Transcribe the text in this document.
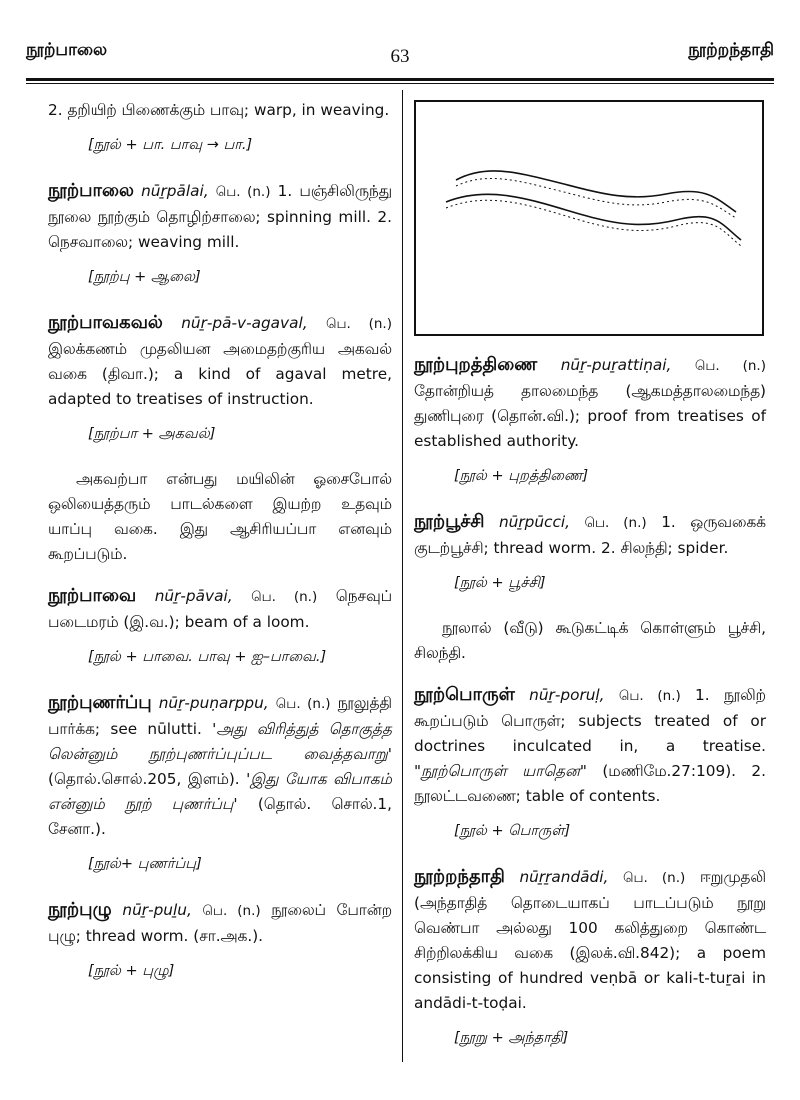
நூற்பாலை	63	நூற்றந்தாதி
2. தறியிற் பிணைக்கும் பாவு; warp, in weaving.
[நூல் + பா. பாவு → பா.]
நூற்பாலை nūṟpālai, பெ. (n.) 1. பஞ்சிலிருந்து நூலை நூற்கும் தொழிற்சாலை; spinning mill. 2. நெசவாலை; weaving mill.
[நூற்பு + ஆலை]
நூற்பாவகவல் nūṟ-pā-v-agaval, பெ. (n.) இலக்கணம் முதலியன அமைதற்குரிய அகவல் வகை (திவா.); a kind of agaval metre, adapted to treatises of instruction.
[நூற்பா + அகவல்]
அகவற்பா என்பது மயிலின் ஓசைபோல் ஒலியைத்தரும் பாடல்களை இயற்ற உதவும் யாப்பு வகை. இது ஆசிரியப்பா எனவும் கூறப்படும்.
நூற்பாவை nūṟ-pāvai, பெ. (n.) நெசவுப் படைமரம் (இ.வ.); beam of a loom.
[நூல் + பாவை. பாவு + ஐ–பாவை.]
நூற்புணர்ப்பு nūṟ-puṇarppu, பெ. (n.) நூலுத்தி பார்க்க; see nūlutti. 'அது விரித்துத் தொகுத்த லென்னும் நூற்புணர்ப்புப்பட வைத்தவாறு' (தொல்.சொல்.205, இளம்). 'இது யோக விபாகம் என்னும் நூற் புணர்ப்பு' (தொல். சொல்.1, சேனா.).
[நூல்+ புணர்ப்பு]
நூற்புழு nūṟ-puḻu, பெ. (n.) நூலைப் போன்ற புழு; thread worm. (சா.அக.).
[நூல் + புழு]
நூற்புறத்திணை nūṟ-puṟattiṇai, பெ. (n.) தோன்றியத் தாலமைந்த (ஆகமத்தாலமைந்த) துணிபுரை (தொன்.வி.); proof from treatises of established authority.
[நூல் + புறத்திணை]
நூற்பூச்சி nūṟpūcci, பெ. (n.) 1. ஒருவகைக் குடற்பூச்சி; thread worm. 2. சிலந்தி; spider.
[நூல் + பூச்சி]
நூலால் (வீடு) கூடுகட்டிக் கொள்ளும் பூச்சி, சிலந்தி.
நூற்பொருள் nūṟ-poruḷ, பெ. (n.) 1. நூலிற் கூறப்படும் பொருள்; subjects treated of or doctrines inculcated in, a treatise. "நூற்பொருள் யாதென" (மணிமே.27:109). 2. நூலட்டவணை; table of contents.
[நூல் + பொருள்]
நூற்றந்தாதி nūṟṟandādi, பெ. (n.) ஈறுமுதலி (அந்தாதித் தொடையாகப் பாடப்படும் நூறு வெண்பா அல்லது 100 கலித்துறை கொண்ட சிற்றிலக்கிய வகை (இலக்.வி.842); a poem consisting of hundred veṇbā or kali-t-tuṟai in andādi-t-toḍai.
[நூறு + அந்தாதி]
